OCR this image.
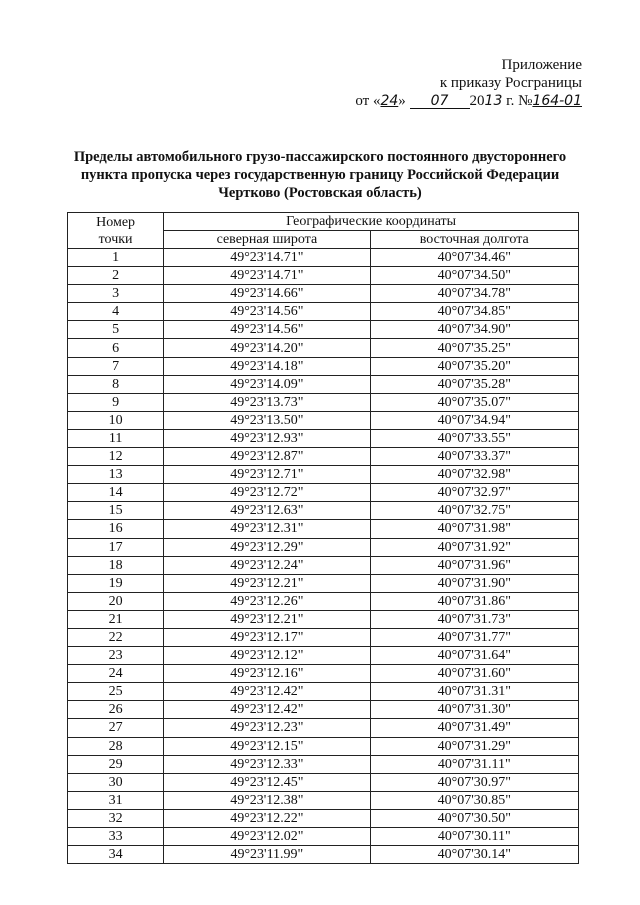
Приложение
к приказу Росграницы
от «24» 07 2013 г. №164-01
Пределы автомобильного грузо-пассажирского постоянного двустороннего
пункта пропуска через государственную границу Российской Федерации
Чертково (Ростовская область)
Номер
точки	Географические координаты	
	северная широта	восточная долгота
1	49°23'14.71"	40°07'34.46"
2	49°23'14.71"	40°07'34.50"
3	49°23'14.66"	40°07'34.78"
4	49°23'14.56"	40°07'34.85"
5	49°23'14.56"	40°07'34.90"
6	49°23'14.20"	40°07'35.25"
7	49°23'14.18"	40°07'35.20"
8	49°23'14.09"	40°07'35.28"
9	49°23'13.73"	40°07'35.07"
10	49°23'13.50"	40°07'34.94"
11	49°23'12.93"	40°07'33.55"
12	49°23'12.87"	40°07'33.37"
13	49°23'12.71"	40°07'32.98"
14	49°23'12.72"	40°07'32.97"
15	49°23'12.63"	40°07'32.75"
16	49°23'12.31"	40°07'31.98"
17	49°23'12.29"	40°07'31.92"
18	49°23'12.24"	40°07'31.96"
19	49°23'12.21"	40°07'31.90"
20	49°23'12.26"	40°07'31.86"
21	49°23'12.21"	40°07'31.73"
22	49°23'12.17"	40°07'31.77"
23	49°23'12.12"	40°07'31.64"
24	49°23'12.16"	40°07'31.60"
25	49°23'12.42"	40°07'31.31"
26	49°23'12.42"	40°07'31.30"
27	49°23'12.23"	40°07'31.49"
28	49°23'12.15"	40°07'31.29"
29	49°23'12.33"	40°07'31.11"
30	49°23'12.45"	40°07'30.97"
31	49°23'12.38"	40°07'30.85"
32	49°23'12.22"	40°07'30.50"
33	49°23'12.02"	40°07'30.11"
34	49°23'11.99"	40°07'30.14"
